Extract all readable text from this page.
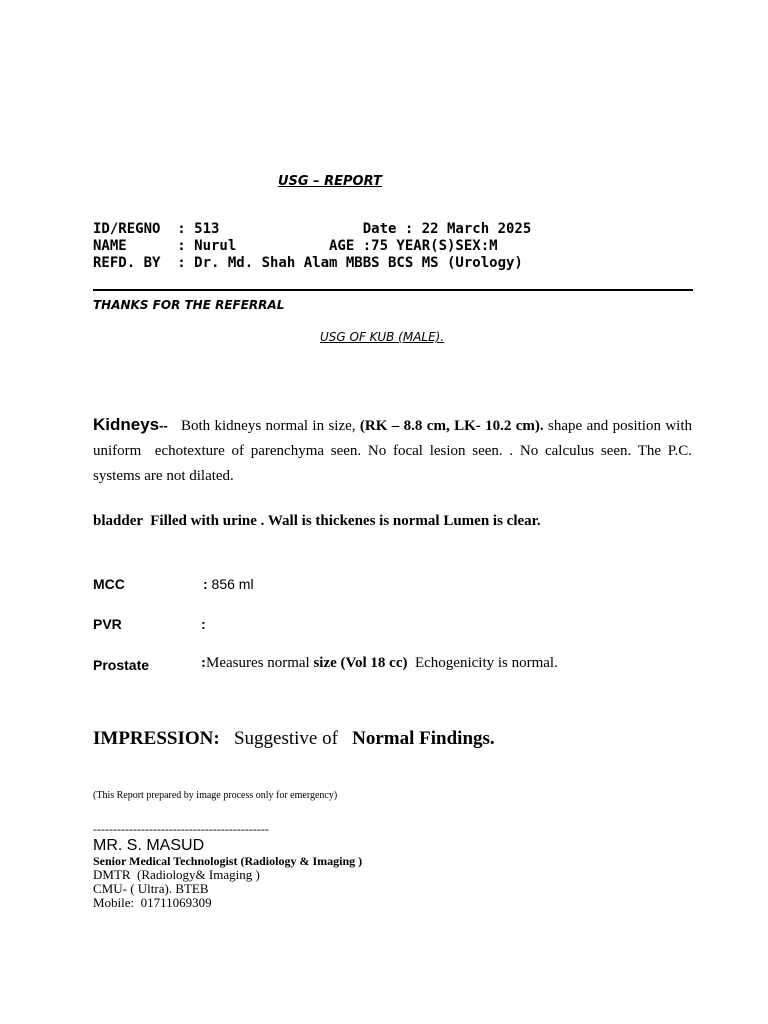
USG – REPORT
ID/REGNO  : 513                 Date : 22 March 2025
NAME      : Nurul           AGE :75 YEAR(S)SEX:M
REFD. BY  : Dr. Md. Shah Alam MBBS BCS MS (Urology)
THANKS FOR THE REFERRAL
USG OF KUB (MALE).
Kidneys-- Both kidneys normal in size, (RK – 8.8 cm, LK- 10.2 cm). shape and position with    uniform  echotexture of parenchyma seen. No focal lesion seen. . No calculus seen. The P.C. systems are not dilated.
bladder  Filled with urine . Wall is thickenes is normal Lumen is clear.
MCC	: 856 ml
PVR	:
Prostate	:Measures normal size (Vol 18 cc)  Echogenicity is normal.
IMPRESSION: Suggestive of Normal Findings.
(This Report prepared by image process only for emergency)
--------------------------------------------
MR. S. MASUD
Senior Medical Technologist (Radiology & Imaging )
DMTR  (Radiology& Imaging )
CMU- ( Ultra). BTEB
Mobile:  01711069309
